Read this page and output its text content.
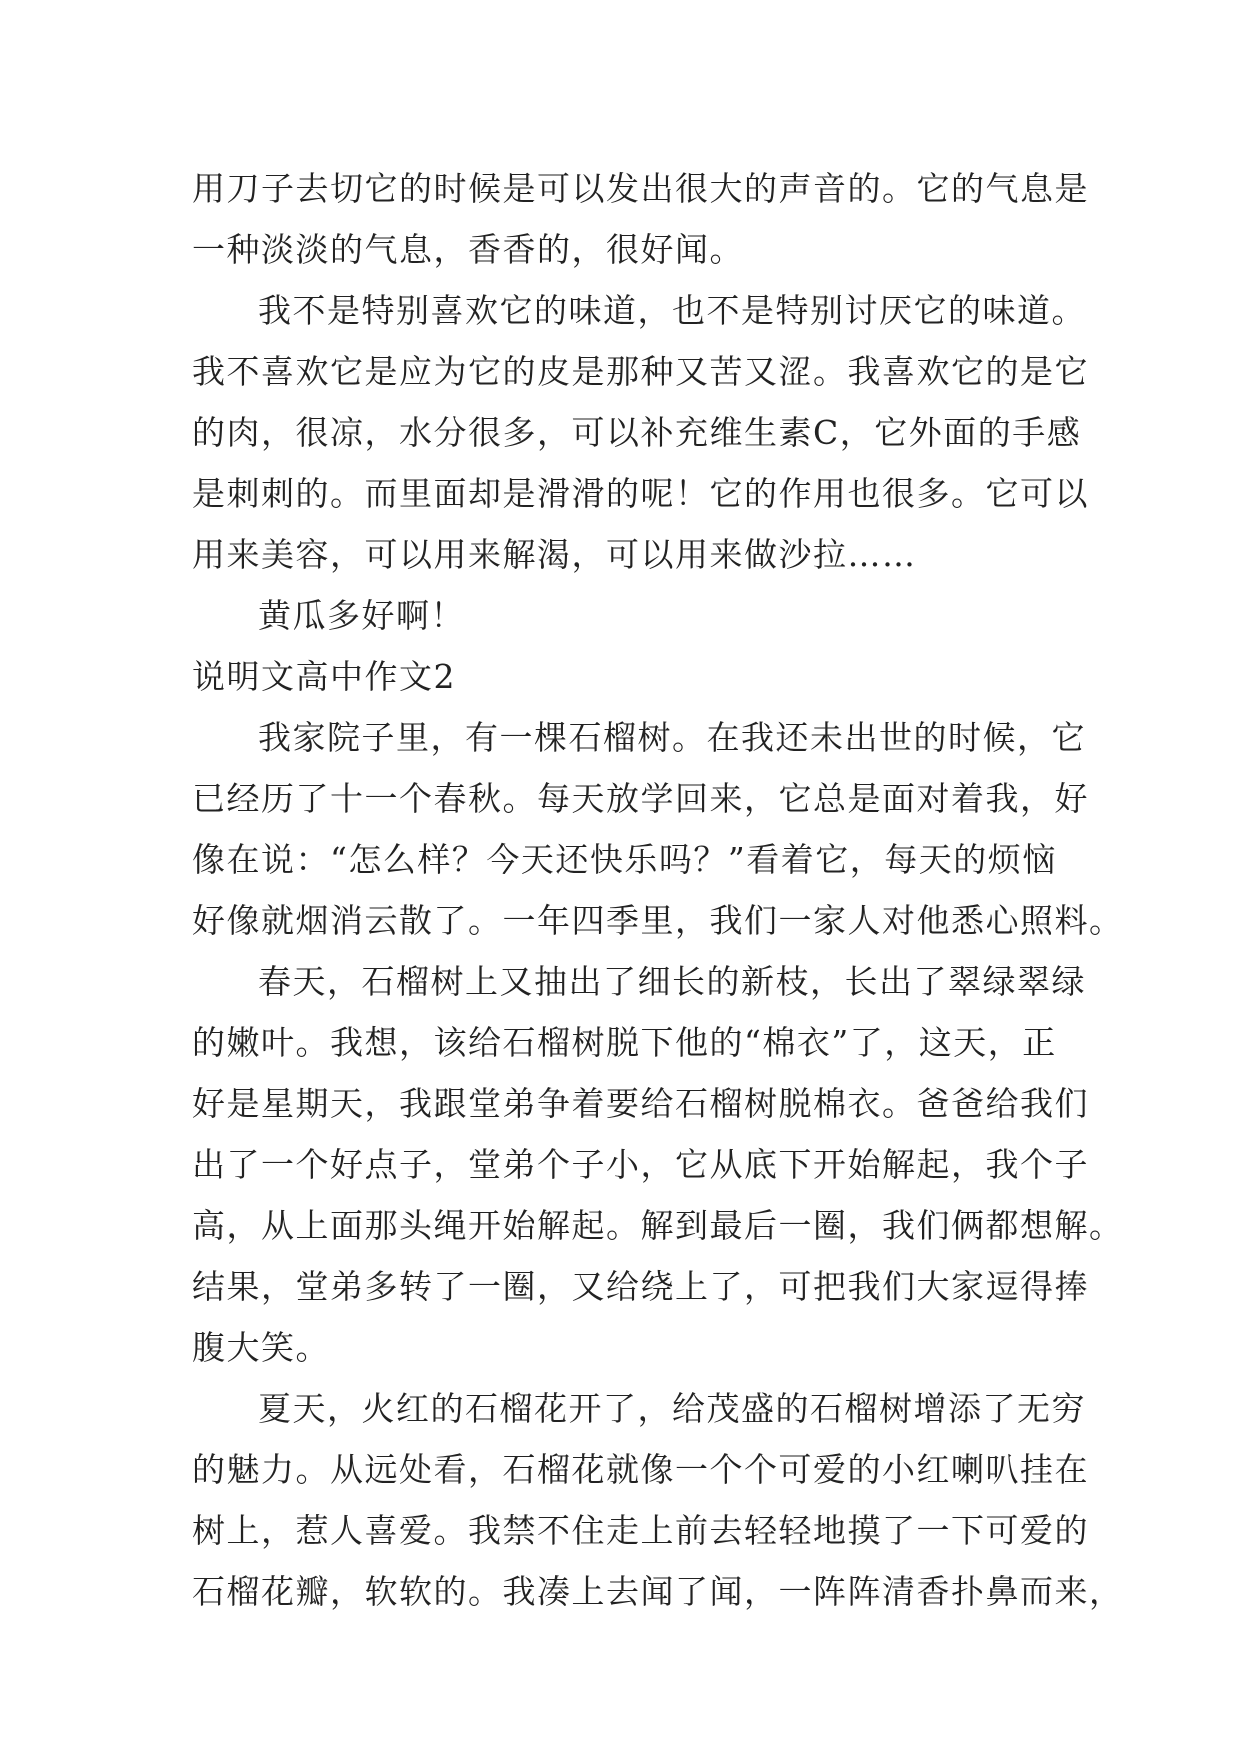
用刀子去切它的时候是可以发出很大的声音的。它的气息是
一种淡淡的气息，香香的，很好闻。
我不是特别喜欢它的味道，也不是特别讨厌它的味道。
我不喜欢它是应为它的皮是那种又苦又涩。我喜欢它的是它
的肉，很凉，水分很多，可以补充维生素C，它外面的手感
是刺刺的。而里面却是滑滑的呢！它的作用也很多。它可以
用来美容，可以用来解渴，可以用来做沙拉……
黄瓜多好啊！
说明文高中作文2
我家院子里，有一棵石榴树。在我还未出世的时候，它
已经历了十一个春秋。每天放学回来，它总是面对着我，好
像在说：“怎么样？今天还快乐吗？”看着它，每天的烦恼
好像就烟消云散了。一年四季里，我们一家人对他悉心照料。
春天，石榴树上又抽出了细长的新枝，长出了翠绿翠绿
的嫩叶。我想，该给石榴树脱下他的“棉衣”了，这天，正
好是星期天，我跟堂弟争着要给石榴树脱棉衣。爸爸给我们
出了一个好点子，堂弟个子小，它从底下开始解起，我个子
高，从上面那头绳开始解起。解到最后一圈，我们俩都想解。
结果，堂弟多转了一圈，又给绕上了，可把我们大家逗得捧
腹大笑。
夏天，火红的石榴花开了，给茂盛的石榴树增添了无穷
的魅力。从远处看，石榴花就像一个个可爱的小红喇叭挂在
树上，惹人喜爱。我禁不住走上前去轻轻地摸了一下可爱的
石榴花瓣，软软的。我凑上去闻了闻，一阵阵清香扑鼻而来，
